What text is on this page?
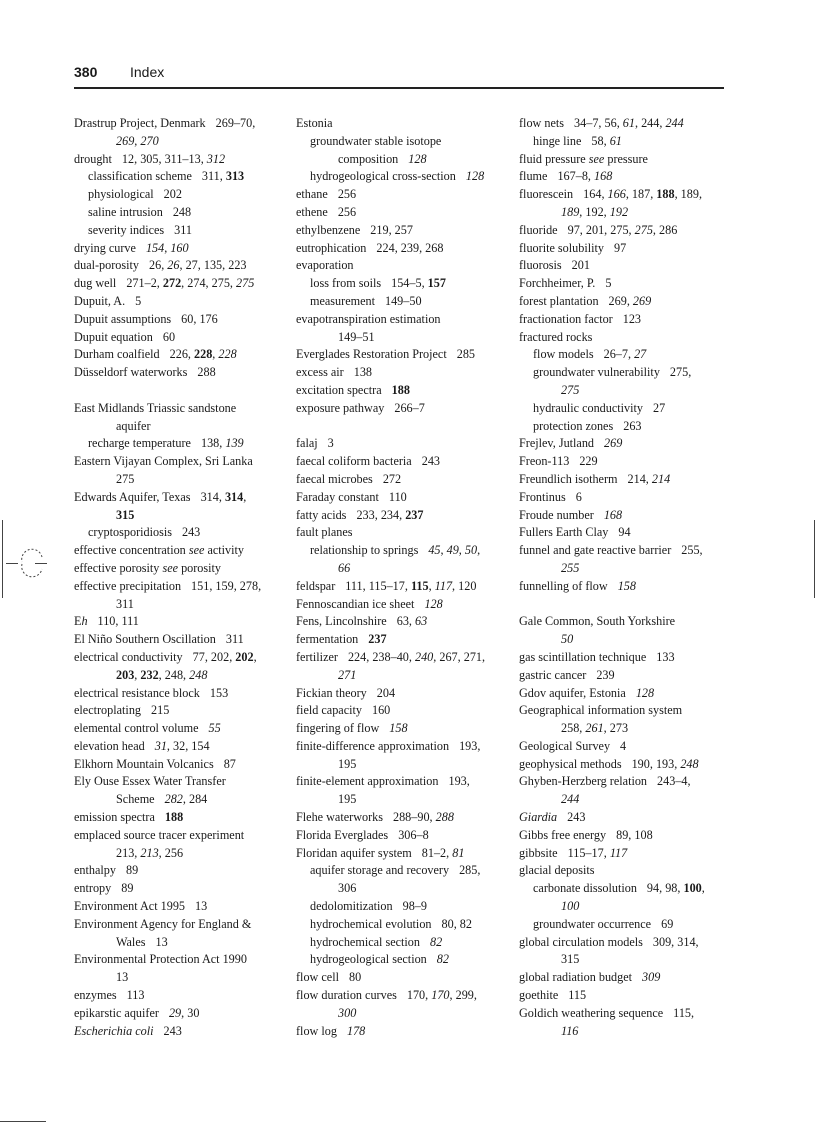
380 Index
Drastrup Project, Denmark 269–70,
269, 270
drought 12, 305, 311–13, 312
classification scheme 311, 313
physiological 202
saline intrusion 248
severity indices 311
drying curve 154, 160
dual-porosity 26, 26, 27, 135, 223
dug well 271–2, 272, 274, 275, 275
Dupuit, A. 5
Dupuit assumptions 60, 176
Dupuit equation 60
Durham coalfield 226, 228, 228
Düsseldorf waterworks 288
East Midlands Triassic sandstone
aquifer
recharge temperature 138, 139
Eastern Vijayan Complex, Sri Lanka
275
Edwards Aquifer, Texas 314, 314,
315
cryptosporidiosis 243
effective concentration see activity
effective porosity see porosity
effective precipitation 151, 159, 278,
311
Eh 110, 111
El Niño Southern Oscillation 311
electrical conductivity 77, 202, 202,
203, 232, 248, 248
electrical resistance block 153
electroplating 215
elemental control volume 55
elevation head 31, 32, 154
Elkhorn Mountain Volcanics 87
Ely Ouse Essex Water Transfer
Scheme 282, 284
emission spectra 188
emplaced source tracer experiment
213, 213, 256
enthalpy 89
entropy 89
Environment Act 1995 13
Environment Agency for England &
Wales 13
Environmental Protection Act 1990
13
enzymes 113
epikarstic aquifer 29, 30
Escherichia coli 243
Estonia
groundwater stable isotope
composition 128
hydrogeological cross-section 128
ethane 256
ethene 256
ethylbenzene 219, 257
eutrophication 224, 239, 268
evaporation
loss from soils 154–5, 157
measurement 149–50
evapotranspiration estimation
149–51
Everglades Restoration Project 285
excess air 138
excitation spectra 188
exposure pathway 266–7
falaj 3
faecal coliform bacteria 243
faecal microbes 272
Faraday constant 110
fatty acids 233, 234, 237
fault planes
relationship to springs 45, 49, 50,
66
feldspar 111, 115–17, 115, 117, 120
Fennoscandian ice sheet 128
Fens, Lincolnshire 63, 63
fermentation 237
fertilizer 224, 238–40, 240, 267, 271,
271
Fickian theory 204
field capacity 160
fingering of flow 158
finite-difference approximation 193,
195
finite-element approximation 193,
195
Flehe waterworks 288–90, 288
Florida Everglades 306–8
Floridan aquifer system 81–2, 81
aquifer storage and recovery 285,
306
dedolomitization 98–9
hydrochemical evolution 80, 82
hydrochemical section 82
hydrogeological section 82
flow cell 80
flow duration curves 170, 170, 299,
300
flow log 178
flow nets 34–7, 56, 61, 244, 244
hinge line 58, 61
fluid pressure see pressure
flume 167–8, 168
fluorescein 164, 166, 187, 188, 189,
189, 192, 192
fluoride 97, 201, 275, 275, 286
fluorite solubility 97
fluorosis 201
Forchheimer, P. 5
forest plantation 269, 269
fractionation factor 123
fractured rocks
flow models 26–7, 27
groundwater vulnerability 275,
275
hydraulic conductivity 27
protection zones 263
Frejlev, Jutland 269
Freon-113 229
Freundlich isotherm 214, 214
Frontinus 6
Froude number 168
Fullers Earth Clay 94
funnel and gate reactive barrier 255,
255
funnelling of flow 158
Gale Common, South Yorkshire
50
gas scintillation technique 133
gastric cancer 239
Gdov aquifer, Estonia 128
Geographical information system
258, 261, 273
Geological Survey 4
geophysical methods 190, 193, 248
Ghyben-Herzberg relation 243–4,
244
Giardia 243
Gibbs free energy 89, 108
gibbsite 115–17, 117
glacial deposits
carbonate dissolution 94, 98, 100,
100
groundwater occurrence 69
global circulation models 309, 314,
315
global radiation budget 309
goethite 115
Goldich weathering sequence 115,
116
